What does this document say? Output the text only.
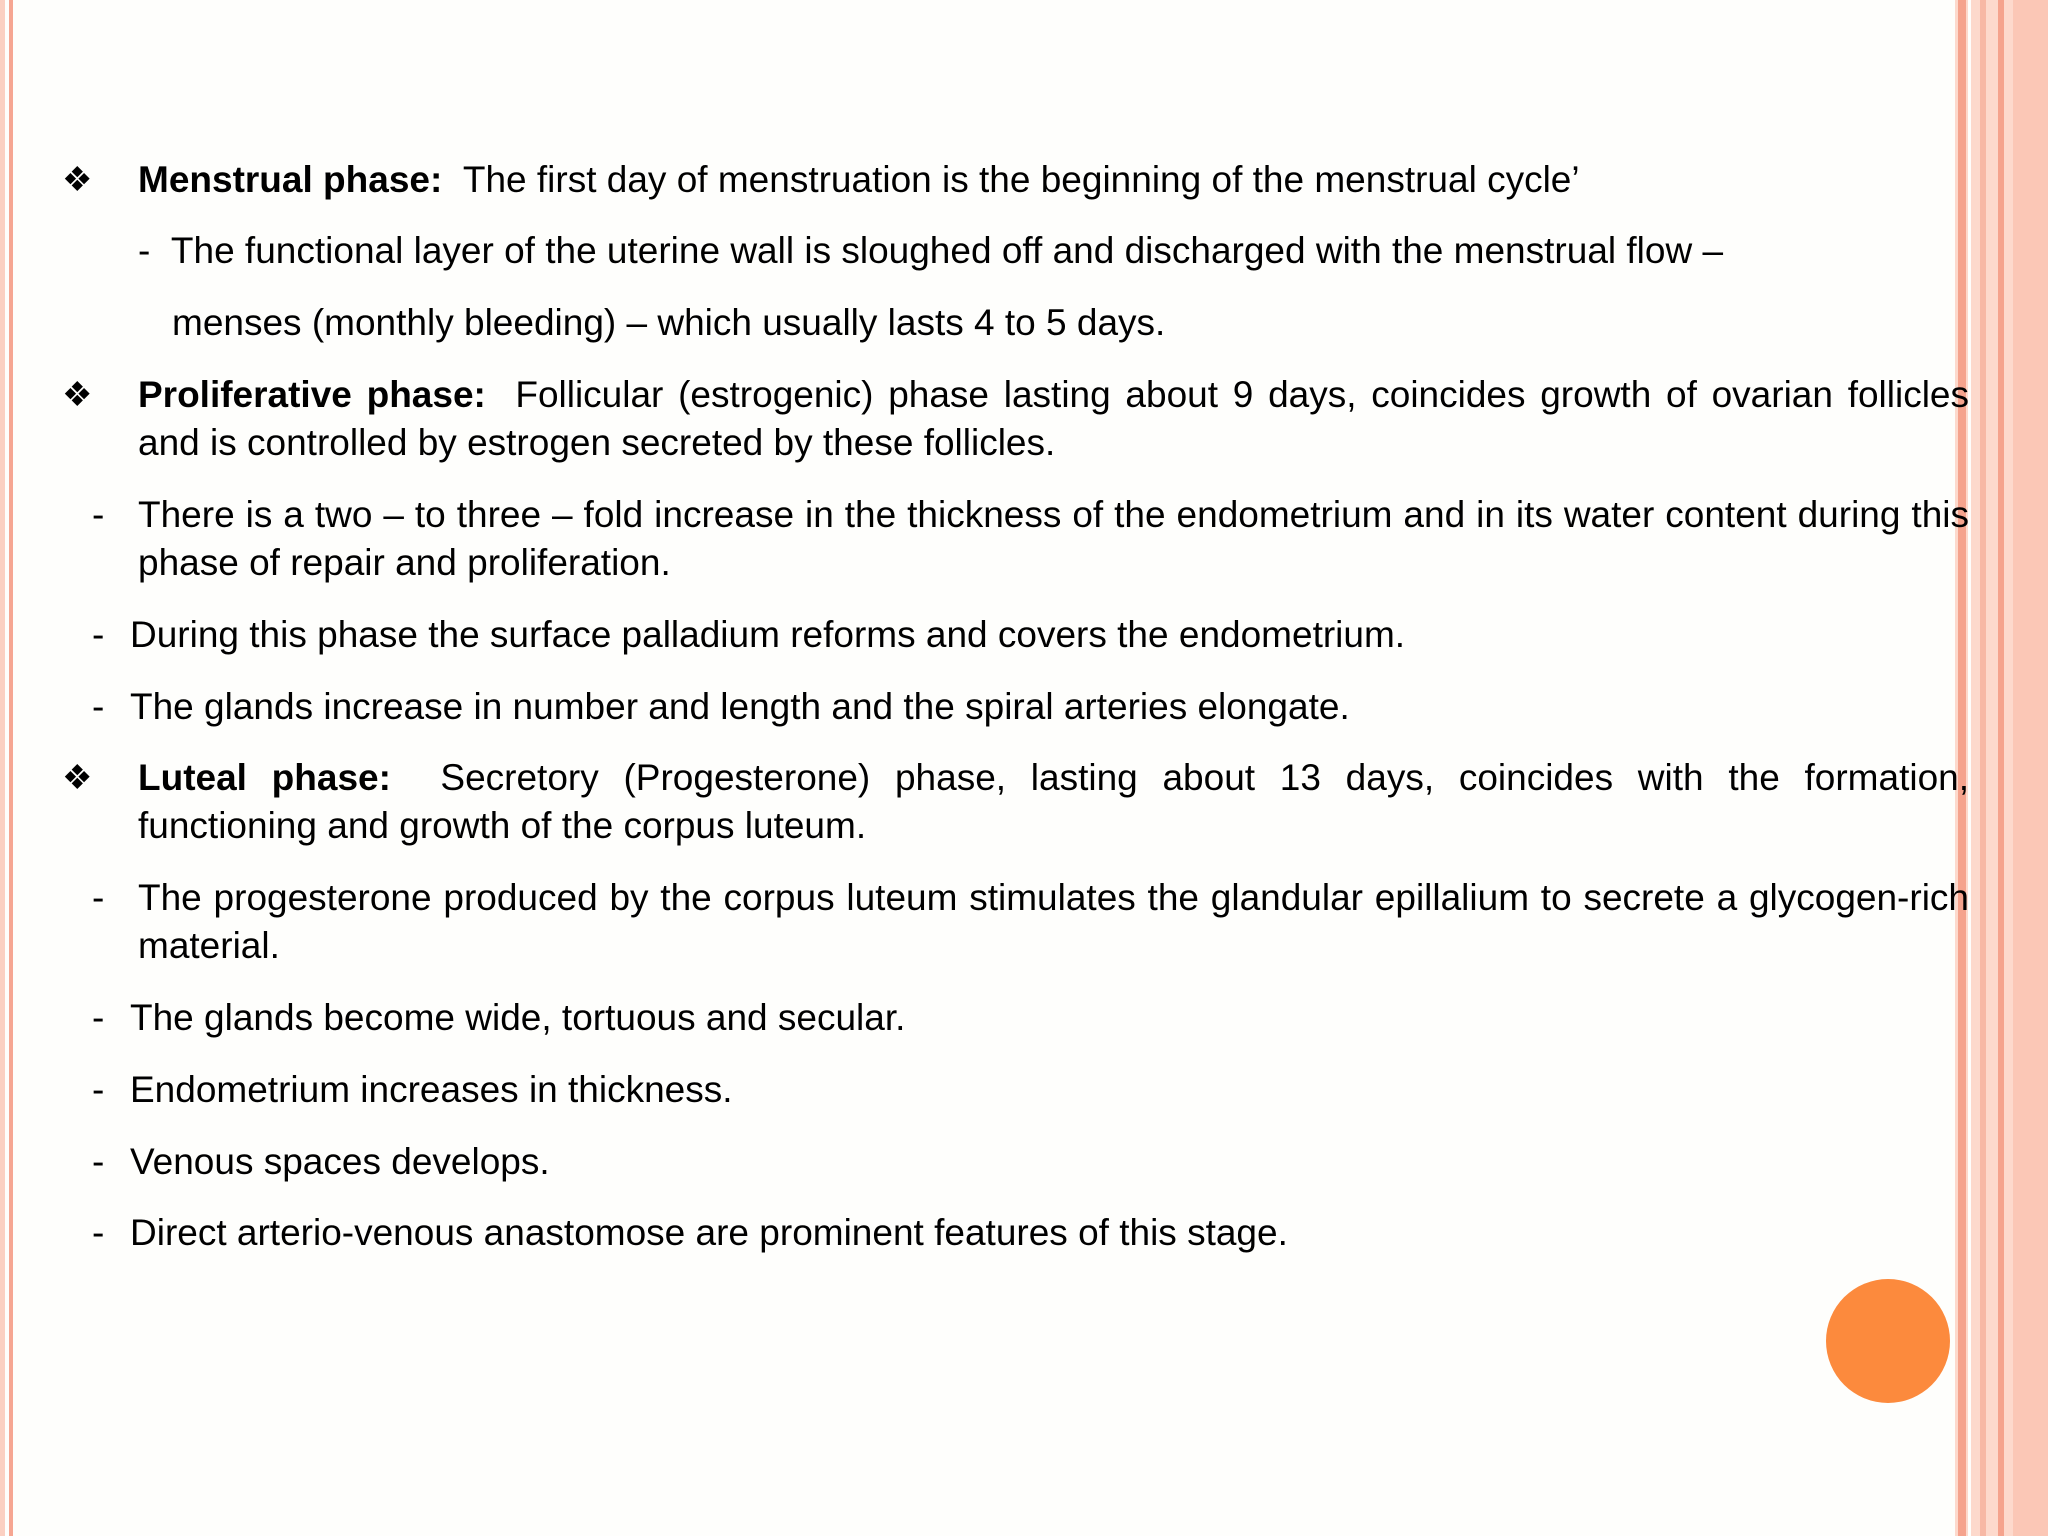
❖ Menstrual phase: The first day of menstruation is the beginning of the menstrual cycle’
- The functional layer of the uterine wall is sloughed off and discharged with the menstrual flow –
menses (monthly bleeding) – which usually lasts 4 to 5 days.
❖ Proliferative phase: Follicular (estrogenic) phase lasting about 9 days, coincides growth of ovarian follicles and is controlled by estrogen secreted by these follicles.
- There is a two – to three – fold increase in the thickness of the endometrium and in its water content during this phase of repair and proliferation.
- During this phase the surface palladium reforms and covers the endometrium.
- The glands increase in number and length and the spiral arteries elongate.
❖ Luteal phase: Secretory (Progesterone) phase, lasting about 13 days, coincides with the formation, functioning and growth of the corpus luteum.
- The progesterone produced by the corpus luteum stimulates the glandular epillalium to secrete a glycogen-rich material.
- The glands become wide, tortuous and secular.
- Endometrium increases in thickness.
- Venous spaces develops.
- Direct arterio-venous anastomose are prominent features of this stage.
